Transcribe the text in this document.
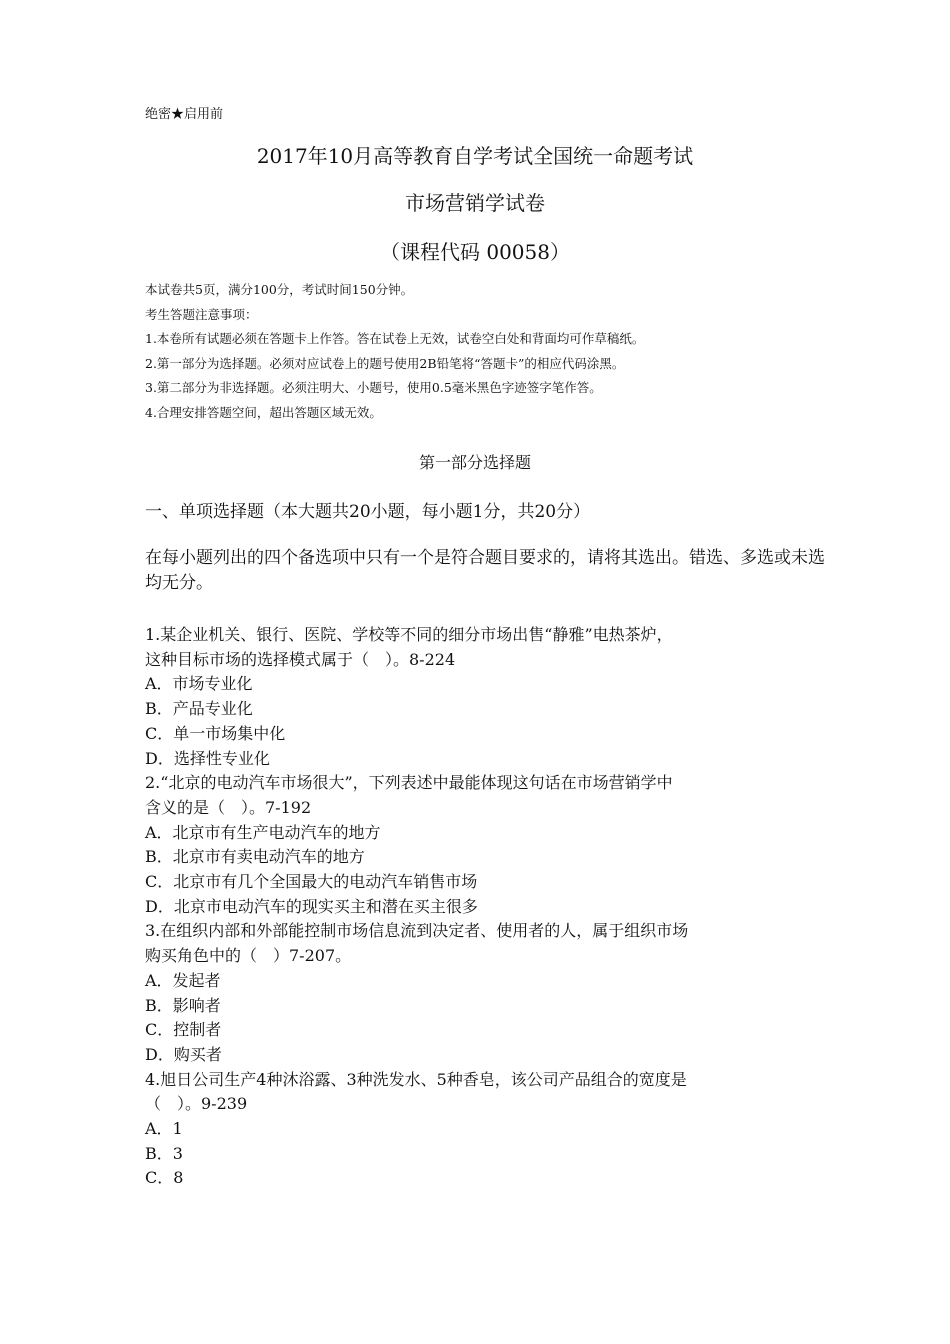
绝密★启用前
2017年10月高等教育自学考试全国统一命题考试
市场营销学试卷
（课程代码 00058）
本试卷共5页，满分100分，考试时间150分钟。
考生答题注意事项：
1.本卷所有试题必须在答题卡上作答。答在试卷上无效，试卷空白处和背面均可作草稿纸。
2.第一部分为选择题。必须对应试卷上的题号使用2B铅笔将“答题卡”的相应代码涂黑。
3.第二部分为非选择题。必须注明大、小题号，使用0.5毫米黑色字迹签字笔作答。
4.合理安排答题空间，超出答题区域无效。
第一部分选择题
一、单项选择题（本大题共20小题，每小题1分，共20分）
在每小题列出的四个备选项中只有一个是符合题目要求的，请将其选出。错选、多选或未选均无分。
1.某企业机关、银行、医院、学校等不同的细分市场出售“静雅”电热茶炉，
这种目标市场的选择模式属于（　）。8-224
A．市场专业化
B．产品专业化
C．单一市场集中化
D．选择性专业化
2.“北京的电动汽车市场很大”，下列表述中最能体现这句话在市场营销学中
含义的是（　）。7-192
A．北京市有生产电动汽车的地方
B．北京市有卖电动汽车的地方
C．北京市有几个全国最大的电动汽车销售市场
D．北京市电动汽车的现实买主和潜在买主很多
3.在组织内部和外部能控制市场信息流到决定者、使用者的人，属于组织市场
购买角色中的（　）7-207。
A．发起者
B．影响者
C．控制者
D．购买者
4.旭日公司生产4种沐浴露、3种洗发水、5种香皂，该公司产品组合的宽度是
（　）。9-239
A．1
B．3
C．8
